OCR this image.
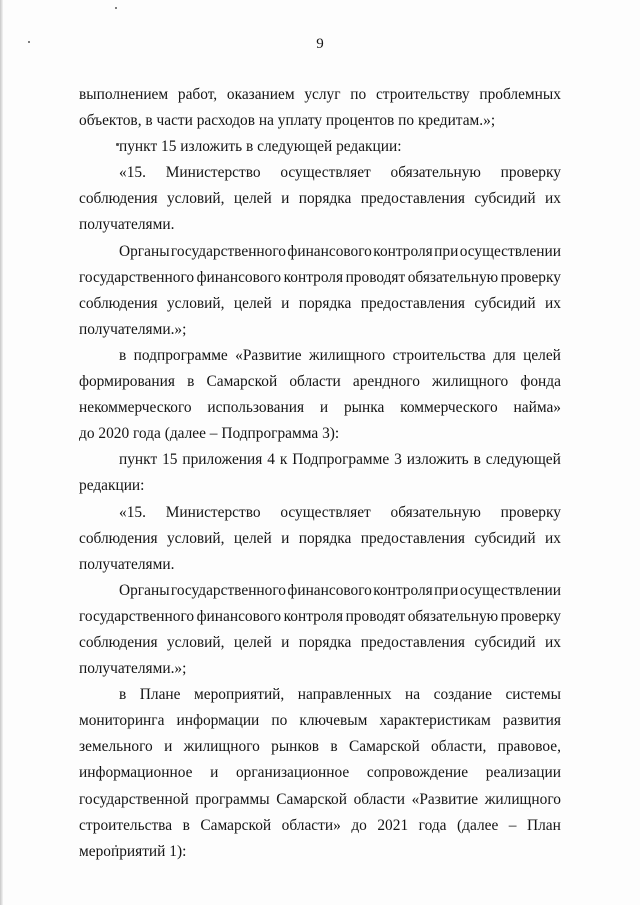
9
выполнением работ, оказанием услуг по строительству проблемных
объектов, в части расходов на уплату процентов по кредитам.»;
пункт 15 изложить в следующей редакции:
«15. Министерство осуществляет обязательную проверку
соблюдения условий, целей и порядка предоставления субсидий их
получателями.
Органы государственного финансового контроля при осуществлении
государственного финансового контроля проводят обязательную проверку
соблюдения условий, целей и порядка предоставления субсидий их
получателями.»;
в подпрограмме «Развитие жилищного строительства для целей
формирования в Самарской области арендного жилищного фонда
некоммерческого использования и рынка коммерческого найма»
до 2020 года (далее – Подпрограмма 3):
пункт 15 приложения 4 к Подпрограмме 3 изложить в следующей
редакции:
«15. Министерство осуществляет обязательную проверку
соблюдения условий, целей и порядка предоставления субсидий их
получателями.
Органы государственного финансового контроля при осуществлении
государственного финансового контроля проводят обязательную проверку
соблюдения условий, целей и порядка предоставления субсидий их
получателями.»;
в Плане мероприятий, направленных на создание системы
мониторинга информации по ключевым характеристикам развития
земельного и жилищного рынков в Самарской области, правовое,
информационное и организационное сопровождение реализации
государственной программы Самарской области «Развитие жилищного
строительства в Самарской области» до 2021 года (далее – План
мероприятий 1):
